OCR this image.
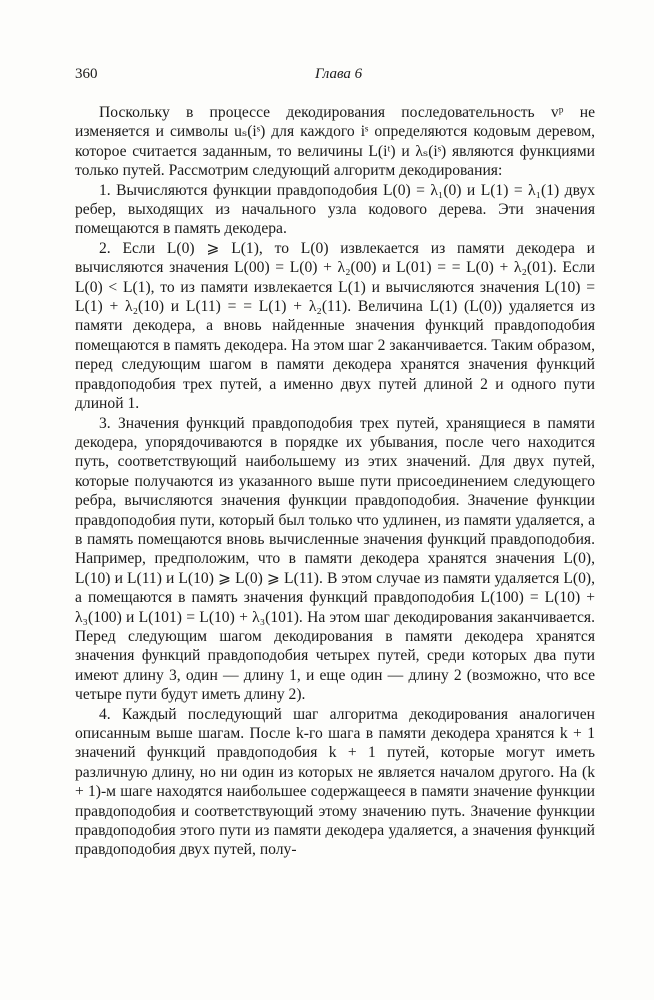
360	Глава 6

Поскольку в процессе декодирования последовательность vᵖ не изменяется и символы uₛ(iˢ) для каждого iˢ определяются кодовым деревом, которое считается заданным, то величины L(iᵗ) и λₛ(iˢ) являются функциями только путей. Рассмотрим следующий алгоритм декодирования:

1. Вычисляются функции правдоподобия L(0) = λ₁(0) и L(1) = λ₁(1) двух ребер, выходящих из начального узла кодового дерева. Эти значения помещаются в память декодера.

2. Если L(0) ⩾ L(1), то L(0) извлекается из памяти декодера и вычисляются значения L(00) = L(0) + λ₂(00) и L(01) = = L(0) + λ₂(01). Если L(0) < L(1), то из памяти извлекается L(1) и вычисляются значения L(10) = L(1) + λ₂(10) и L(11) = = L(1) + λ₂(11). Величина L(1) (L(0)) удаляется из памяти декодера, а вновь найденные значения функций правдоподобия помещаются в память декодера. На этом шаг 2 заканчивается. Таким образом, перед следующим шагом в памяти декодера хранятся значения функций правдоподобия трех путей, а именно двух путей длиной 2 и одного пути длиной 1.

3. Значения функций правдоподобия трех путей, хранящиеся в памяти декодера, упорядочиваются в порядке их убывания, после чего находится путь, соответствующий наибольшему из этих значений. Для двух путей, которые получаются из указанного выше пути присоединением следующего ребра, вычисляются значения функции правдоподобия. Значение функции правдоподобия пути, который был только что удлинен, из памяти удаляется, а в память помещаются вновь вычисленные значения функций правдоподобия. Например, предположим, что в памяти декодера хранятся значения L(0), L(10) и L(11) и L(10) ⩾ L(0) ⩾ L(11). В этом случае из памяти удаляется L(0), а помещаются в память значения функций правдоподобия L(100) = L(10) + λ₃(100) и L(101) = L(10) + λ₃(101). На этом шаг декодирования заканчивается. Перед следующим шагом декодирования в памяти декодера хранятся значения функций правдоподобия четырех путей, среди которых два пути имеют длину 3, один — длину 1, и еще один — длину 2 (возможно, что все четыре пути будут иметь длину 2).

4. Каждый последующий шаг алгоритма декодирования аналогичен описанным выше шагам. После k-го шага в памяти декодера хранятся k + 1 значений функций правдоподобия k + 1 путей, которые могут иметь различную длину, но ни один из которых не является началом другого. На (k + 1)-м шаге находятся наибольшее содержащееся в памяти значение функции правдоподобия и соответствующий этому значению путь. Значение функции правдоподобия этого пути из памяти декодера удаляется, а значения функций правдоподобия двух путей, полу-
